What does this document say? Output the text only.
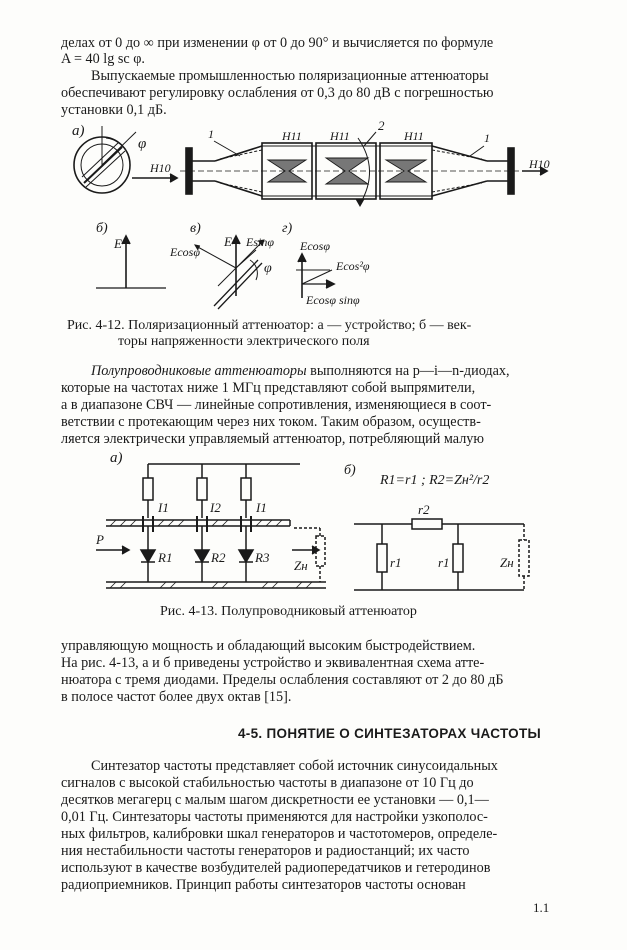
делах от 0 до ∞ при изменении φ от 0 до 90° и вычисляется по формуле
A = 40 lg sc φ.
Выпускаемые промышленностью поляризационные аттенюаторы
обеспечивают регулировку ослабления от 0,3 до 80 дВ с погрешностью
установки 0,1 дБ.
а)
φ
H10
H11 H11	H11
1
2
1
H10
б)
E
в)
E
Ecosφ
Esinφ
φ
г)
Ecosφ
Ecos²φ
Ecosφ sinφ
Рис. 4-12. Поляризационный аттенюатор: а — устройство; б — век-
торы напряженности электрического поля
Полупроводниковые аттенюаторы выполняются на p—i—n-диодах,
которые на частотах ниже 1 МГц представляют собой выпрямители,
а в диапазоне СВЧ — линейные сопротивления, изменяющиеся в соот-
ветствии с протекающим через них током. Таким образом, осуществ-
ляется электрически управляемый аттенюатор, потребляющий малую
а)
б)
R1=r1 ; R2=Zн²/r2
P
I1	I2	I1
R1	R2 R3
Zн
r2
r1	r1	Zн
Рис. 4-13. Полупроводниковый аттенюатор
управляющую мощность и обладающий высоким быстродействием.
На рис. 4-13, а и б приведены устройство и эквивалентная схема атте-
нюатора с тремя диодами. Пределы ослабления составляют от 2 до 80 дБ
в полосе частот более двух октав [15].
4-5. ПОНЯТИЕ О СИНТЕЗАТОРАХ ЧАСТОТЫ
Синтезатор частоты представляет собой источник синусоидальных
сигналов с высокой стабильностью частоты в диапазоне от 10 Гц до
десятков мегагерц с малым шагом дискретности ее установки — 0,1—
0,01 Гц. Синтезаторы частоты применяются для настройки узкополос-
ных фильтров, калибровки шкал генераторов и частотомеров, определе-
ния нестабильности частоты генераторов и радиостанций; их часто
используют в качестве возбудителей радиопередатчиков и гетеродинов
радиоприемников. Принцип работы синтезаторов частоты основан
1.1
